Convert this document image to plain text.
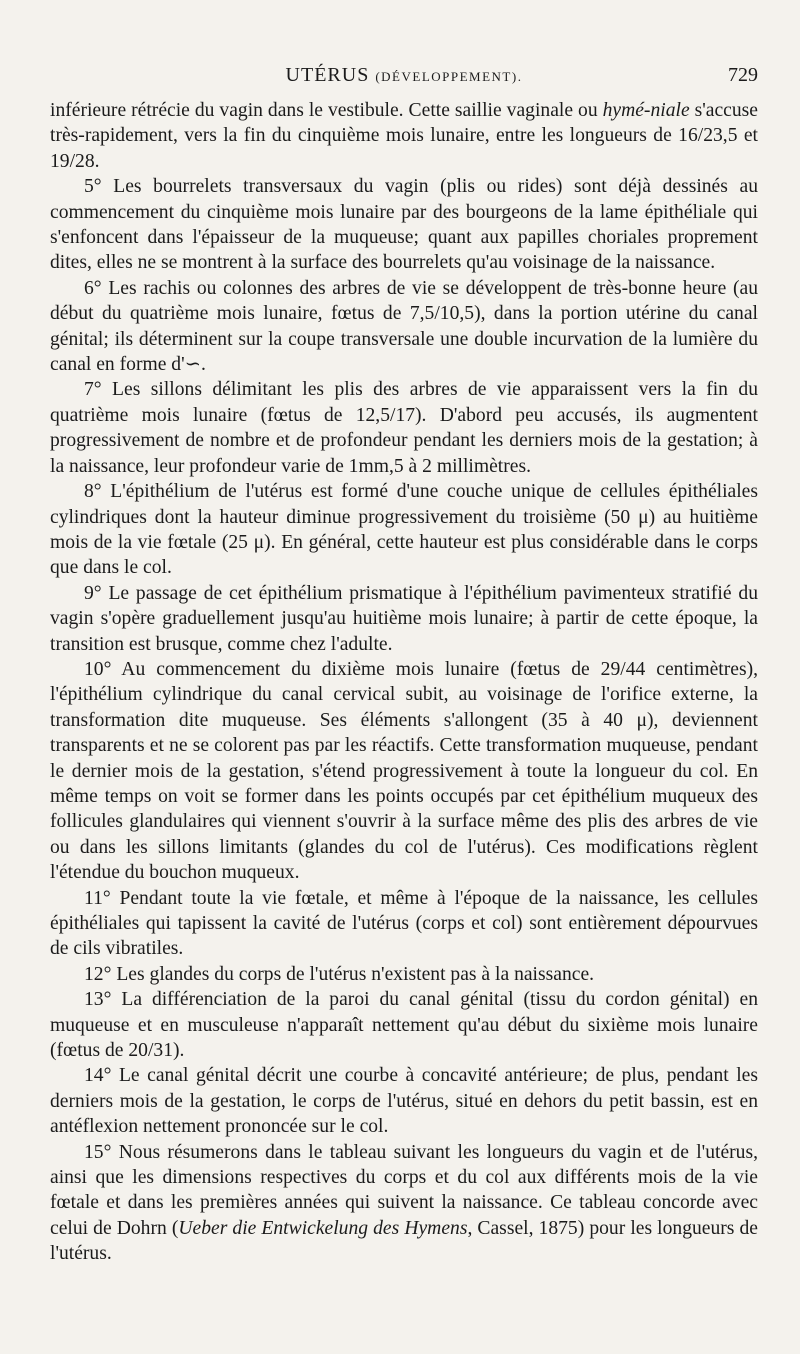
UTÉRUS (DÉVELOPPEMENT).	729

inférieure rétrécie du vagin dans le vestibule. Cette saillie vaginale ou hymé-niale s'accuse très-rapidement, vers la fin du cinquième mois lunaire, entre les longueurs de 16/23,5 et 19/28.

5° Les bourrelets transversaux du vagin (plis ou rides) sont déjà dessinés au commencement du cinquième mois lunaire par des bourgeons de la lame épithéliale qui s'enfoncent dans l'épaisseur de la muqueuse; quant aux papilles choriales proprement dites, elles ne se montrent à la surface des bourrelets qu'au voisinage de la naissance.

6° Les rachis ou colonnes des arbres de vie se développent de très-bonne heure (au début du quatrième mois lunaire, fœtus de 7,5/10,5), dans la portion utérine du canal génital; ils déterminent sur la coupe transversale une double incurvation de la lumière du canal en forme d'∽.

7° Les sillons délimitant les plis des arbres de vie apparaissent vers la fin du quatrième mois lunaire (fœtus de 12,5/17). D'abord peu accusés, ils augmentent progressivement de nombre et de profondeur pendant les derniers mois de la gestation; à la naissance, leur profondeur varie de 1mm,5 à 2 millimètres.

8° L'épithélium de l'utérus est formé d'une couche unique de cellules épithéliales cylindriques dont la hauteur diminue progressivement du troisième (50 μ) au huitième mois de la vie fœtale (25 μ). En général, cette hauteur est plus considérable dans le corps que dans le col.

9° Le passage de cet épithélium prismatique à l'épithélium pavimenteux stratifié du vagin s'opère graduellement jusqu'au huitième mois lunaire; à partir de cette époque, la transition est brusque, comme chez l'adulte.

10° Au commencement du dixième mois lunaire (fœtus de 29/44 centimètres), l'épithélium cylindrique du canal cervical subit, au voisinage de l'orifice externe, la transformation dite muqueuse. Ses éléments s'allongent (35 à 40 μ), deviennent transparents et ne se colorent pas par les réactifs. Cette transformation muqueuse, pendant le dernier mois de la gestation, s'étend progressivement à toute la longueur du col. En même temps on voit se former dans les points occupés par cet épithélium muqueux des follicules glandulaires qui viennent s'ouvrir à la surface même des plis des arbres de vie ou dans les sillons limitants (glandes du col de l'utérus). Ces modifications règlent l'étendue du bouchon muqueux.

11° Pendant toute la vie fœtale, et même à l'époque de la naissance, les cellules épithéliales qui tapissent la cavité de l'utérus (corps et col) sont entièrement dépourvues de cils vibratiles.

12° Les glandes du corps de l'utérus n'existent pas à la naissance.

13° La différenciation de la paroi du canal génital (tissu du cordon génital) en muqueuse et en musculeuse n'apparaît nettement qu'au début du sixième mois lunaire (fœtus de 20/31).

14° Le canal génital décrit une courbe à concavité antérieure; de plus, pendant les derniers mois de la gestation, le corps de l'utérus, situé en dehors du petit bassin, est en antéflexion nettement prononcée sur le col.

15° Nous résumerons dans le tableau suivant les longueurs du vagin et de l'utérus, ainsi que les dimensions respectives du corps et du col aux différents mois de la vie fœtale et dans les premières années qui suivent la naissance. Ce tableau concorde avec celui de Dohrn (Ueber die Entwickelung des Hymens, Cassel, 1875) pour les longueurs de l'utérus.
